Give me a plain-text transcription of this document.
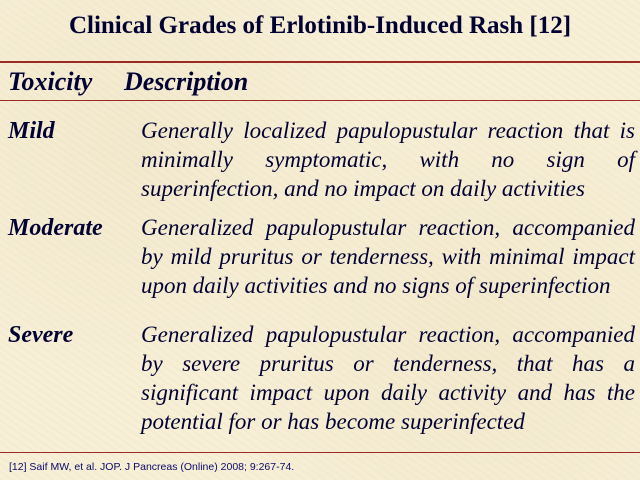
Clinical Grades of Erlotinib-Induced Rash [12]
Toxicity Description
Mild	Generally localized papulopustular reaction that is minimally symptomatic, with no sign of superinfection, and no impact on daily activities

Moderate Generalized papulopustular reaction, accompanied by mild pruritus or tenderness, with minimal impact upon daily activities and no signs of superinfection

Severe	Generalized papulopustular reaction, accompanied by severe pruritus or tenderness, that has a significant impact upon daily activity and has the potential for or has become superinfected

[12] Saif MW, et al. JOP. J Pancreas (Online) 2008; 9:267-74.
